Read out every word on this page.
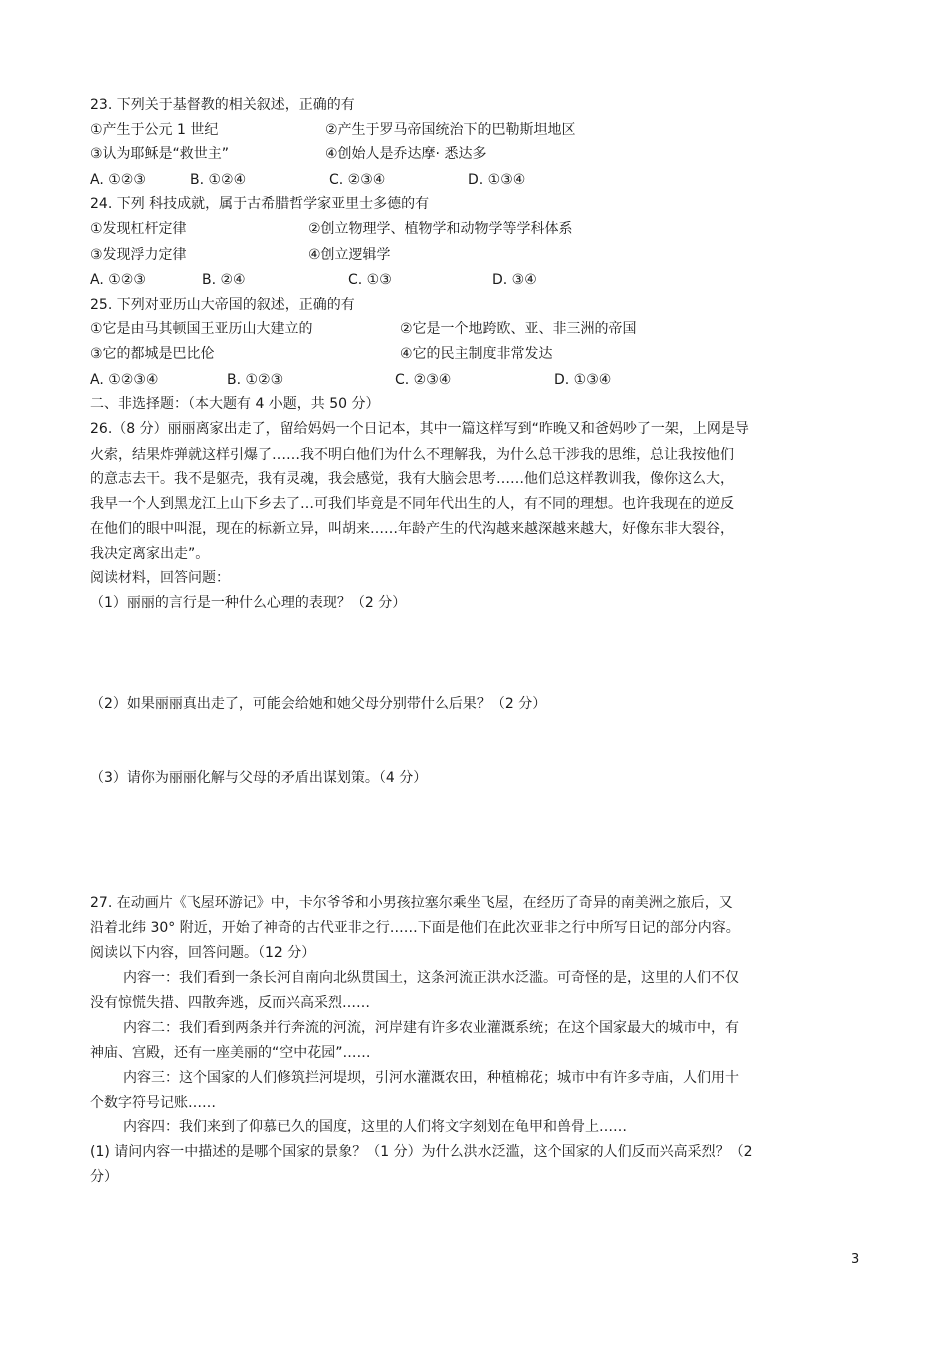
23. 下列关于基督教的相关叙述，正确的有
①产生于公元 1 世纪	②产生于罗马帝国统治下的巴勒斯坦地区
③认为耶稣是“救世主”	④创始人是乔达摩· 悉达多
A. ①②③	B. ①②④	C. ②③④	D. ①③④
24. 下列 科技成就，属于古希腊哲学家亚里士多德的有
①发现杠杆定律	②创立物理学、植物学和动物学等学科体系
③发现浮力定律	④创立逻辑学
A. ①②③	B. ②④	C. ①③	D. ③④
25. 下列对亚历山大帝国的叙述，正确的有
①它是由马其顿国王亚历山大建立的	②它是一个地跨欧、亚、非三洲的帝国
③它的都城是巴比伦	④它的民主制度非常发达
A. ①②③④	B. ①②③	C. ②③④	D. ①③④
二、非选择题：（本大题有 4 小题，共 50 分）
26.（8 分）丽丽离家出走了，留给妈妈一个日记本，其中一篇这样写到“昨晚又和爸妈吵了一架，上网是导
火索，结果炸弹就这样引爆了……我不明白他们为什么不理解我，为什么总干涉我的思维，总让我按他们
的意志去干。我不是躯壳，我有灵魂，我会感觉，我有大脑会思考……他们总这样教训我，像你这么大，
我早一个人到黑龙江上山下乡去了…可我们毕竟是不同年代出生的人，有不同的理想。也许我现在的逆反
在他们的眼中叫混，现在的标新立异，叫胡来……年龄产生的代沟越来越深越来越大，好像东非大裂谷，
我决定离家出走”。
阅读材料，回答问题：
（1）丽丽的言行是一种什么心理的表现？（2 分）
（2）如果丽丽真出走了，可能会给她和她父母分别带什么后果？（2 分）
（3）请你为丽丽化解与父母的矛盾出谋划策。（4 分）
27. 在动画片《飞屋环游记》中，卡尔爷爷和小男孩拉塞尔乘坐飞屋，在经历了奇异的南美洲之旅后，又
沿着北纬 30° 附近，开始了神奇的古代亚非之行……下面是他们在此次亚非之行中所写日记的部分内容。
阅读以下内容，回答问题。（12 分）
内容一：我们看到一条长河自南向北纵贯国土，这条河流正洪水泛滥。可奇怪的是，这里的人们不仅
没有惊慌失措、四散奔逃，反而兴高采烈……
内容二：我们看到两条并行奔流的河流，河岸建有许多农业灌溉系统；在这个国家最大的城市中，有
神庙、宫殿，还有一座美丽的“空中花园”……
内容三：这个国家的人们修筑拦河堤坝，引河水灌溉农田，种植棉花；城市中有许多寺庙，人们用十
个数字符号记账……
内容四：我们来到了仰慕已久的国度，这里的人们将文字刻划在龟甲和兽骨上……
(1) 请问内容一中描述的是哪个国家的景象？（1 分）为什么洪水泛滥，这个国家的人们反而兴高采烈？（2
分）
3
